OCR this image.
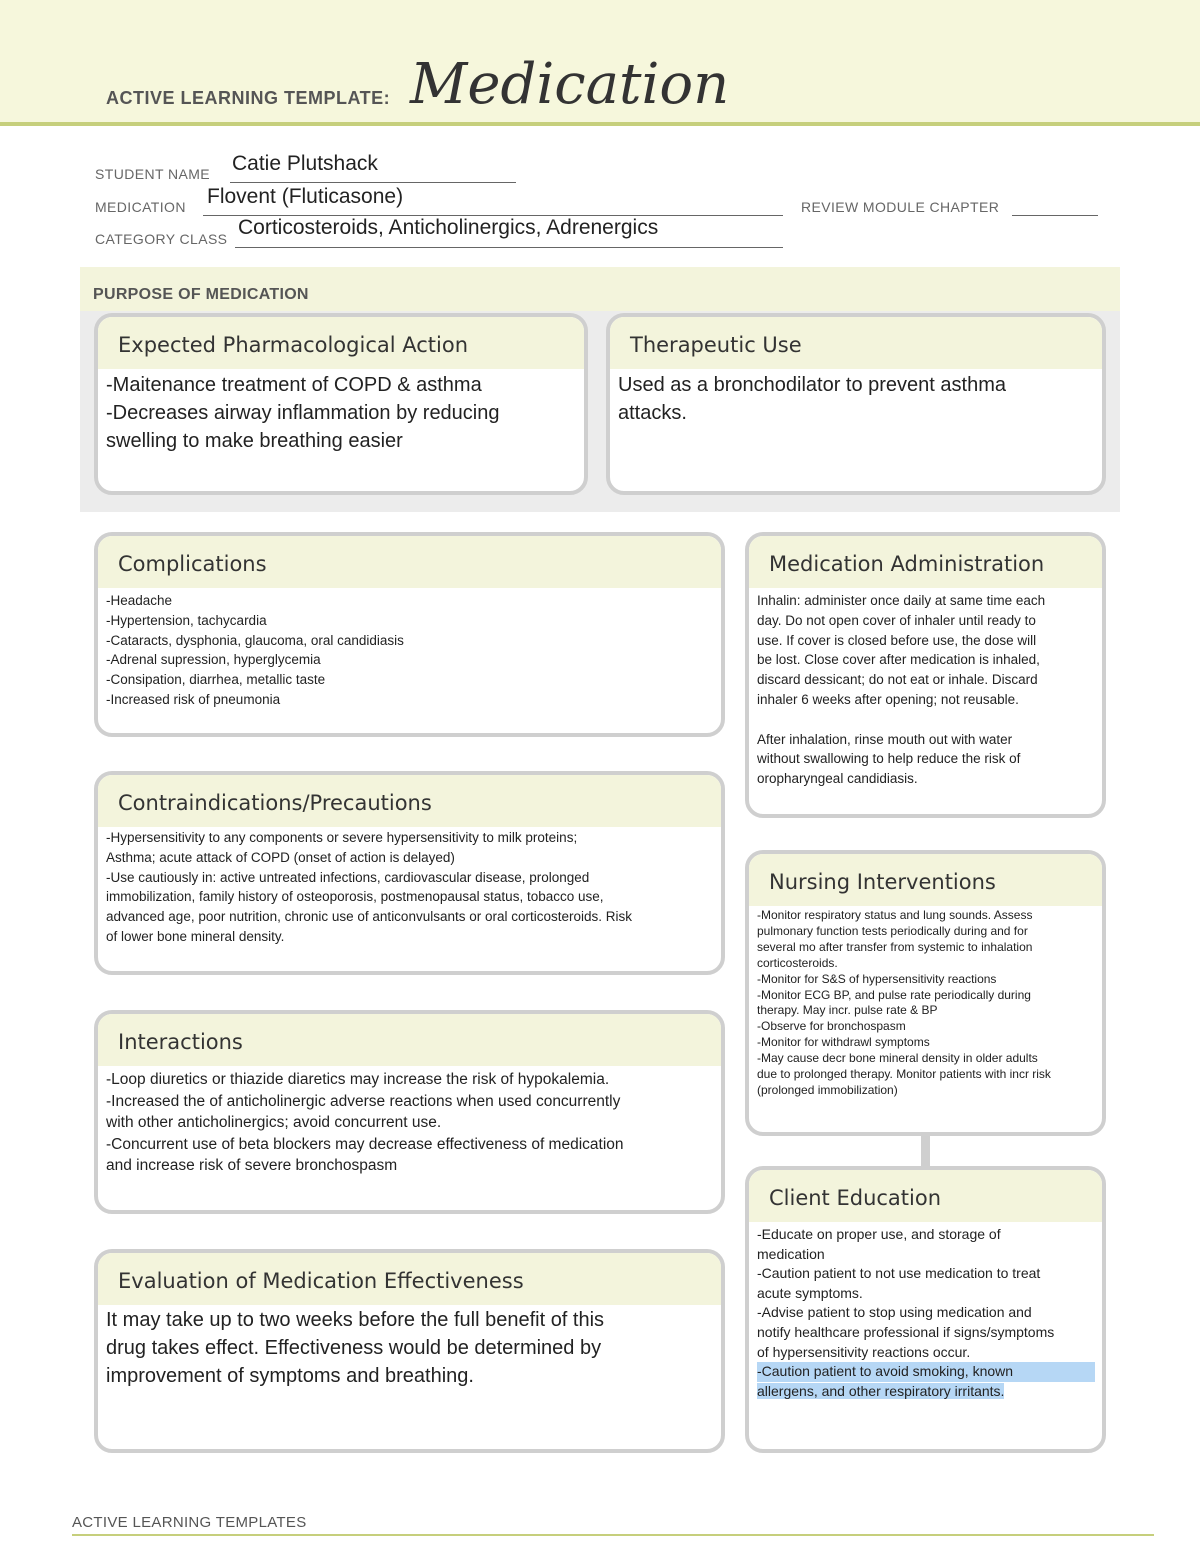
ACTIVE LEARNING TEMPLATE: Medication
STUDENT NAME Catie Plutshack
MEDICATION Flovent (Fluticasone)	REVIEW MODULE CHAPTER
CATEGORY CLASS Corticosteroids, Anticholinergics, Adrenergics
PURPOSE OF MEDICATION
Expected Pharmacological Action
-Maitenance treatment of COPD & asthma
-Decreases airway inflammation by reducing
swelling to make breathing easier
Therapeutic Use
Used as a bronchodilator to prevent asthma
attacks.
Complications
-Headache
-Hypertension, tachycardia
-Cataracts, dysphonia, glaucoma, oral candidiasis
-Adrenal supression, hyperglycemia
-Consipation, diarrhea, metallic taste
-Increased risk of pneumonia
Medication Administration
Inhalin: administer once daily at same time each
day. Do not open cover of inhaler until ready to
use. If cover is closed before use, the dose will
be lost. Close cover after medication is inhaled,
discard dessicant; do not eat or inhale. Discard
inhaler 6 weeks after opening; not reusable.
After inhalation, rinse mouth out with water
without swallowing to help reduce the risk of
oropharyngeal candidiasis.
Contraindications/Precautions
-Hypersensitivity to any components or severe hypersensitivity to milk proteins;
Asthma; acute attack of COPD (onset of action is delayed)
-Use cautiously in: active untreated infections, cardiovascular disease, prolonged
immobilization, family history of osteoporosis, postmenopausal status, tobacco use,
advanced age, poor nutrition, chronic use of anticonvulsants or oral corticosteroids. Risk
of lower bone mineral density.
Nursing Interventions
-Monitor respiratory status and lung sounds. Assess
pulmonary function tests periodically during and for
several mo after transfer from systemic to inhalation
corticosteroids.
-Monitor for S&S of hypersensitivity reactions
-Monitor ECG BP, and pulse rate periodically during
therapy. May incr. pulse rate & BP
-Observe for bronchospasm
-Monitor for withdrawl symptoms
-May cause decr bone mineral density in older adults
due to prolonged therapy. Monitor patients with incr risk
(prolonged immobilization)
Interactions
-Loop diuretics or thiazide diaretics may increase the risk of hypokalemia.
-Increased the of anticholinergic adverse reactions when used concurrently
with other anticholinergics; avoid concurrent use.
-Concurrent use of beta blockers may decrease effectiveness of medication
and increase risk of severe bronchospasm
Client Education
-Educate on proper use, and storage of
medication
-Caution patient to not use medication to treat
acute symptoms.
-Advise patient to stop using medication and
notify healthcare professional if signs/symptoms
of hypersensitivity reactions occur.
-Caution patient to avoid smoking, known
allergens, and other respiratory irritants.
Evaluation of Medication Effectiveness
It may take up to two weeks before the full benefit of this
drug takes effect. Effectiveness would be determined by
improvement of symptoms and breathing.
ACTIVE LEARNING TEMPLATES
